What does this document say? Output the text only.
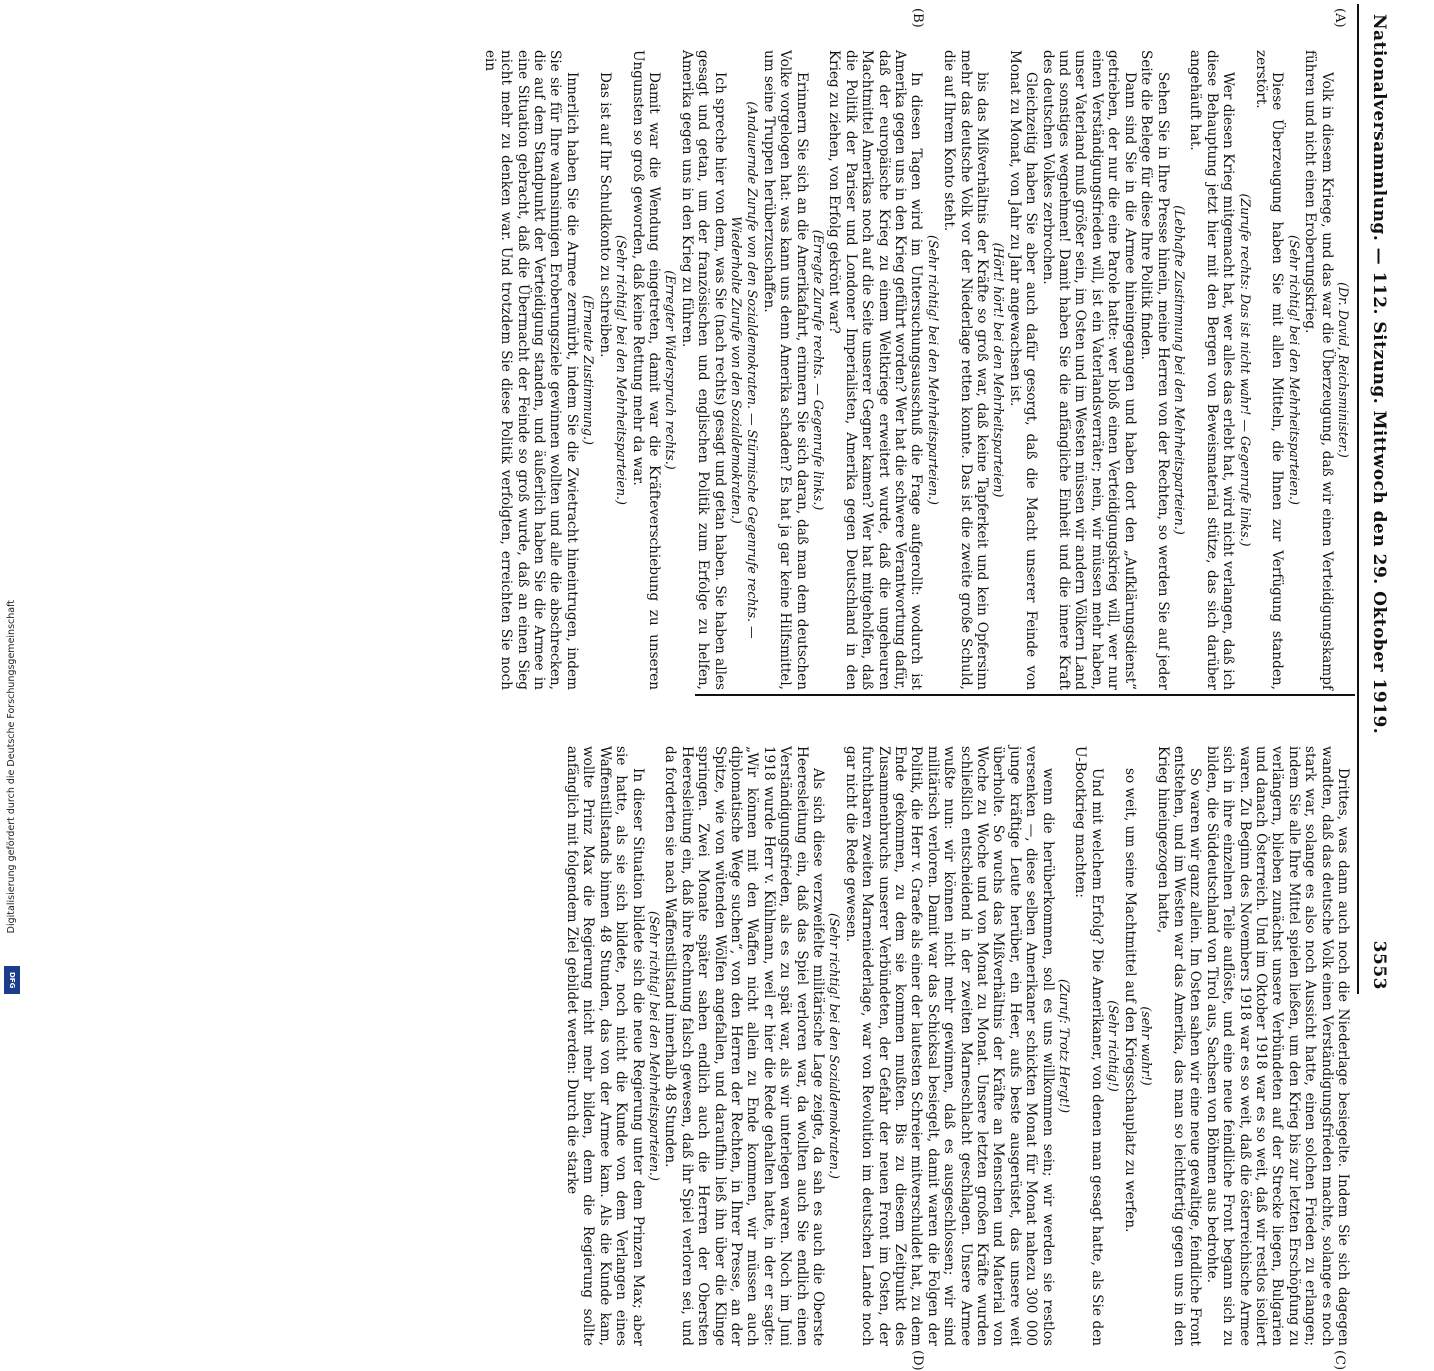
Nationalversammlung. — 112. Sitzung. Mittwoch den 29. Oktober 1919.
3553
(A)
(B)
(C)
(D)

(Dr. David, Reichsminister.)

Volk in diesem Kriege, und das war die Überzeugung, daß wir einen Verteidigungskampf führen und nicht einen Eroberungskrieg.

(Sehr richtig! bei den Mehrheitsparteien.)

Diese Überzeugung haben Sie mit allen Mitteln, die Ihnen zur Verfügung standen, zerstört.

(Zurufe rechts: Das ist nicht wahr! — Gegenrufe links.)

Wer diesen Krieg mitgemacht hat, wer alles das erlebt hat, wird nicht verlangen, daß ich diese Behauptung jetzt hier mit den Bergen von Beweismaterial stütze, das sich darüber angehäuft hat.

(Lebhafte Zustimmung bei den Mehrheitsparteien.)

Sehen Sie in Ihre Presse hinein, meine Herren von der Rechten, so werden Sie auf jeder Seite die Belege für diese Ihre Politik finden.

Dann sind Sie in die Armee hineingegangen und haben dort den „Aufklärungsdienst“ getrieben, der nur die eine Parole hatte: wer bloß einen Verteidigungskrieg will, wer nur einen Verständigungsfrieden will, ist ein Vaterlandsverräter; nein, wir müssen mehr haben, unser Vaterland muß größer sein, im Osten und im Westen müssen wir andern Völkern Land und sonstiges wegnehmen! Damit haben Sie die anfängliche Einheit und die innere Kraft des deutschen Volkes zerbrochen.

Gleichzeitig haben Sie aber auch dafür gesorgt, daß die Macht unserer Feinde von Monat zu Monat, von Jahr zu Jahr angewachsen ist.

(Hört! hört! bei den Mehrheitsparteien)

bis das Mißverhältnis der Kräfte so groß war, daß keine Tapferkeit und kein Opfersinn mehr das deutsche Volk vor der Niederlage retten konnte. Das ist die zweite große Schuld, die auf Ihrem Konto steht.

(Sehr richtig! bei den Mehrheitsparteien.)

In diesen Tagen wird im Untersuchungsausschuß die Frage aufgerollt: wodurch ist Amerika gegen uns in den Krieg geführt worden? Wer hat die schwere Verantwortung dafür, daß der europäische Krieg zu einem Weltkriege erweitert wurde, daß die ungeheuren Machtmittel Amerikas noch auf die Seite unserer Gegner kamen? Wer hat mitgeholfen, daß die Politik der Pariser und Londoner Imperialisten, Amerika gegen Deutschland in den Krieg zu ziehen, von Erfolg gekrönt war?

(Erregte Zurufe rechts. — Gegenrufe links.)

Erinnern Sie sich an die Amerikafahrt, erinnern Sie sich daran, daß man dem deutschen Volke vorgelogen hat: was kann uns denn Amerika schaden? Es hat ja gar keine Hilfsmittel, um seine Truppen herüberzuschaffen.

(Andauernde Zurufe von den Sozialdemokraten. — Stürmische Gegenrufe rechts. —

Wiederholte Zurufe von den Sozialdemokraten.)

Ich spreche hier von dem, was Sie (nach rechts) gesagt und getan haben. Sie haben alles gesagt und getan, um der französischen und englischen Politik zum Erfolge zu helfen, Amerika gegen uns in den Krieg zu führen.

(Erregter Widerspruch rechts.)

Damit war die Wendung eingetreten, damit war die Kräfteverschiebung zu unseren Ungunsten so groß geworden, daß keine Rettung mehr da war.

(Sehr richtig! bei den Mehrheitsparteien.)

Das ist auf Ihr Schuldkonto zu schreiben.

(Erneute Zustimmung.)

Innerlich haben Sie die Armee zermürbt, indem Sie die Zwietracht hineintrugen, indem Sie sie für Ihre wahnsinnigen Eroberungsziele gewinnen wollten und alle die abschrecken, die auf dem Standpunkt der Verteidigung standen, und äußerlich haben Sie die Armee in eine Situation gebracht, daß die Übermacht der Feinde so groß wurde, daß an einen Sieg nicht mehr zu denken war. Und trotzdem Sie diese Politik verfolgten, erreichten Sie noch ein

Drittes, was dann auch noch die Niederlage besiegelte. Indem Sie sich dagegen wandten, daß das deutsche Volk einen Verständigungsfrieden machte, solange es noch stark war, solange es also noch Aussicht hatte, einen solchen Frieden zu erlangen; indem Sie alle Ihre Mittel spielen ließen, um den Krieg bis zur letzten Erschöpfung zu verlängern, blieben zunächst unsere Verbündeten auf der Strecke liegen, Bulgarien und danach Österreich. Und im Oktober 1918 war es so weit, daß wir restlos isoliert waren. Zu Beginn des Novembers 1918 war es so weit, daß die österreichische Armee sich in ihre einzelnen Teile auflöste, und eine neue feindliche Front begann sich zu bilden, die Süddeutschland von Tirol aus, Sachsen von Böhmen aus bedrohte.

So waren wir ganz allein. Im Osten sahen wir eine neue gewaltige, feindliche Front entstehen, und im Westen war das Amerika, das man so leichtfertig gegen uns in den Krieg hineingezogen hatte,

(sehr wahr!)

so weit, um seine Machtmittel auf den Kriegsschauplatz zu werfen.

(Sehr richtig!)

Und mit welchem Erfolg? Die Amerikaner, von denen man gesagt hatte, als Sie den U-Bootkrieg machten:

(Zuruf: Trotz Hergt!)

wenn die herüberkommen, soll es uns willkommen sein; wir werden sie restlos versenken —, diese selben Amerikaner schickten Monat für Monat nahezu 300 000 junge kräftige Leute herüber, ein Heer, aufs beste ausgerüstet, das unsere weit überholte. So wuchs das Mißverhältnis der Kräfte an Menschen und Material von Woche zu Woche und von Monat zu Monat. Unsere letzten großen Kräfte wurden schließlich entscheidend in der zweiten Marneschlacht geschlagen. Unsere Armee wußte nun: wir können nicht mehr gewinnen, daß es ausgeschlossen; wir sind militärisch verloren. Damit war das Schicksal besiegelt, damit waren die Folgen der Politik, die Herr v. Graefe als einer der lautesten Schreier mitverschuldet hat, zu dem Ende gekommen, zu dem sie kommen mußten. Bis zu diesem Zeitpunkt des Zusammenbruchs unserer Verbündeten, der Gefahr der neuen Front im Osten, der furchtbaren zweiten Marneniederlage, war von Revolution im deutschen Lande noch gar nicht die Rede gewesen.

(Sehr richtig! bei den Sozialdemokraten.)

Als sich diese verzweifelte militärische Lage zeigte, da sah es auch die Oberste Heeresleitung ein, daß das Spiel verloren war, da wollten auch Sie endlich einen Verständigungsfrieden, als es zu spät war, als wir unterlegen waren. Noch im Juni 1918 wurde Herr v. Kühlmann, weil er hier die Rede gehalten hatte, in der er sagte: „Wir können mit den Waffen nicht allein zu Ende kommen, wir müssen auch diplomatische Wege suchen“, von den Herren der Rechten, in Ihrer Presse, an der Spitze, wie von wütenden Wölfen angefallen, und daraufhin ließ ihn über die Klinge springen. Zwei Monate später sahen endlich auch die Herren der Obersten Heeresleitung ein, daß ihre Rechnung falsch gewesen, daß ihr Spiel verloren sei, und da forderten sie nach Waffenstillstand innerhalb 48 Stunden.

(Sehr richtig! bei den Mehrheitsparteien.)

In dieser Situation bildete sich die neue Regierung unter dem Prinzen Max; aber sie hatte, als sie sich bildete, noch nicht die Kunde von dem Verlangen eines Waffenstillstands binnen 48 Stunden, das von der Armee kam. Als die Kunde kam, wollte Prinz Max die Regierung nicht mehr bilden, denn die Regierung sollte anfänglich mit folgendem Ziel gebildet werden: Durch die starke

Digitalisierung gefördert durch die Deutsche Forschungsgemeinschaft
DFG
